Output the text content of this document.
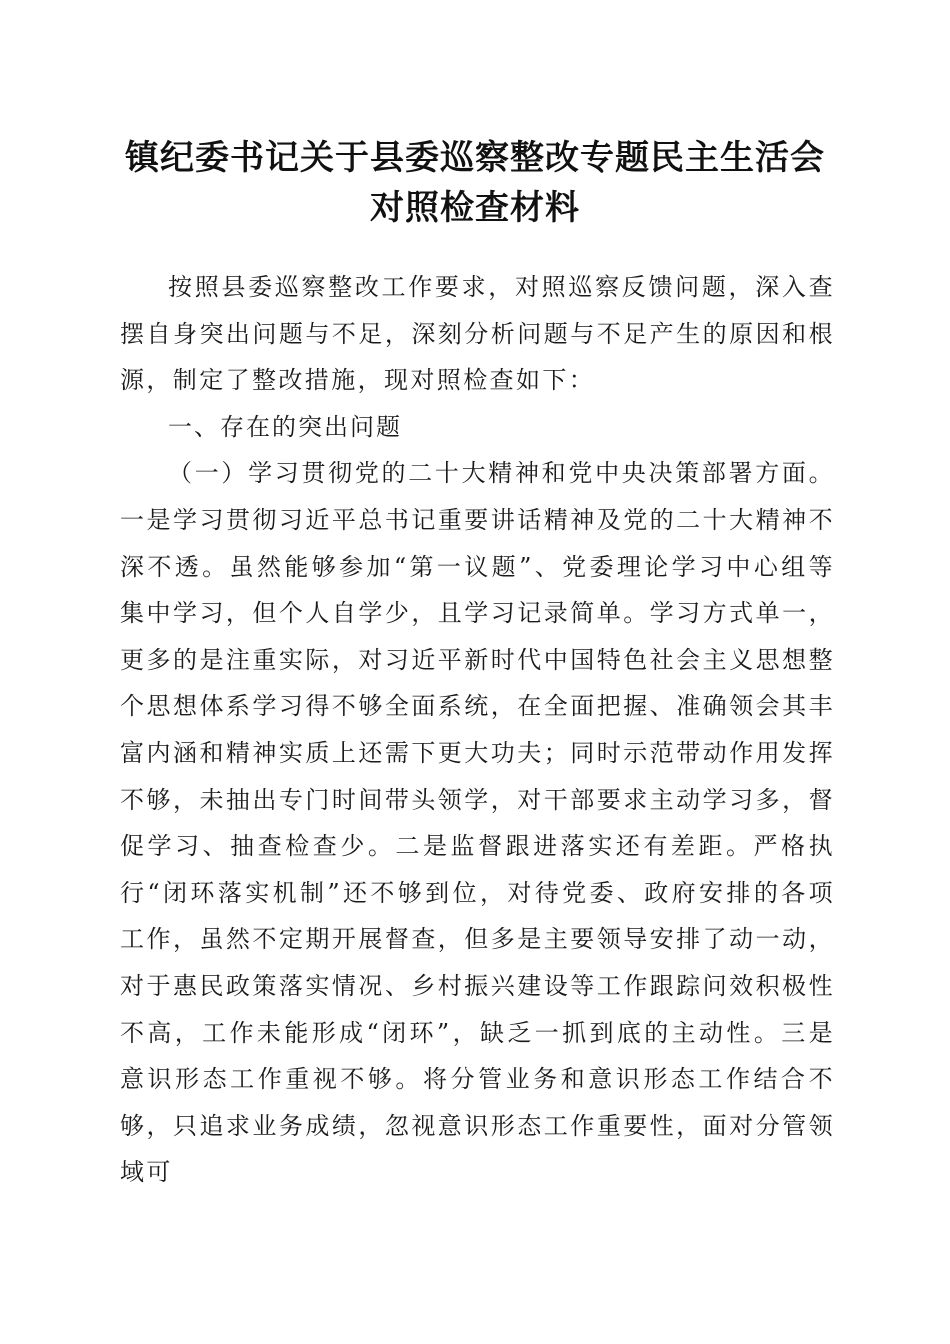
镇纪委书记关于县委巡察整改专题民主生活会
对照检查材料

按照县委巡察整改工作要求，对照巡察反馈问题，深入查摆自身突出问题与不足，深刻分析问题与不足产生的原因和根源，制定了整改措施，现对照检查如下：

一、存在的突出问题

（一）学习贯彻党的二十大精神和党中央决策部署方面。一是学习贯彻习近平总书记重要讲话精神及党的二十大精神不深不透。虽然能够参加“第一议题”、党委理论学习中心组等集中学习，但个人自学少，且学习记录简单。学习方式单一，更多的是注重实际，对习近平新时代中国特色社会主义思想整个思想体系学习得不够全面系统，在全面把握、准确领会其丰富内涵和精神实质上还需下更大功夫；同时示范带动作用发挥不够，未抽出专门时间带头领学，对干部要求主动学习多，督促学习、抽查检查少。二是监督跟进落实还有差距。严格执行“闭环落实机制”还不够到位，对待党委、政府安排的各项工作，虽然不定期开展督查，但多是主要领导安排了动一动，对于惠民政策落实情况、乡村振兴建设等工作跟踪问效积极性不高，工作未能形成“闭环”，缺乏一抓到底的主动性。三是意识形态工作重视不够。将分管业务和意识形态工作结合不够，只追求业务成绩，忽视意识形态工作重要性，面对分管领域可
